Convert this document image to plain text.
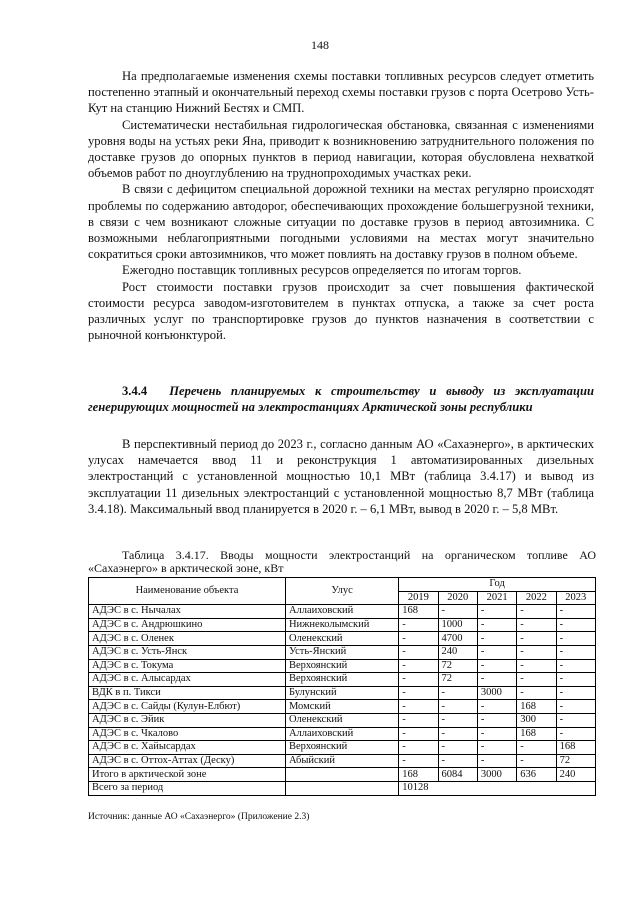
148

На предполагаемые изменения схемы поставки топливных ресурсов следует отметить постепенно этапный и окончательный переход схемы поставки грузов с порта Осетрово Усть-Кут на станцию Нижний Бестях и СМП.

Систематически нестабильная гидрологическая обстановка, связанная с изменениями уровня воды на устьях реки Яна, приводит к возникновению затруднительного положения по доставке грузов до опорных пунктов в период навигации, которая обусловлена нехваткой объемов работ по дноуглублению на труднопроходимых участках реки.

В связи с дефицитом специальной дорожной техники на местах регулярно происходят проблемы по содержанию автодорог, обеспечивающих прохождение большегрузной техники, в связи с чем возникают сложные ситуации по доставке грузов в период автозимника. С возможными неблагоприятными погодными условиями на местах могут значительно сократиться сроки автозимников, что может повлиять на доставку грузов в полном объеме.

Ежегодно поставщик топливных ресурсов определяется по итогам торгов.

Рост стоимости поставки грузов происходит за счет повышения фактической стоимости ресурса заводом-изготовителем в пунктах отпуска, а также за счет роста различных услуг по транспортировке грузов до пунктов назначения в соответствии с рыночной конъюнктурой.

3.4.4 Перечень планируемых к строительству и выводу из эксплуатации генерирующих мощностей на электростанциях Арктической зоны республики

В перспективный период до 2023 г., согласно данным АО «Сахаэнерго», в арктических улусах намечается ввод 11 и реконструкция 1 автоматизированных дизельных электростанций с установленной мощностью 10,1 МВт (таблица 3.4.17) и вывод из эксплуатации 11 дизельных электростанций с установленной мощностью 8,7 МВт (таблица 3.4.18). Максимальный ввод планируется в 2020 г. – 6,1 МВт, вывод в 2020 г. – 5,8 МВт.

Таблица 3.4.17. Вводы мощности электростанций на органическом топливе АО «Сахаэнерго» в арктической зоне, кВт
Наименование объекта	Улус	Год				
		2019	2020	2021	2022	2023
АДЭС в с. Нычалах	Аллаиховский	168	-	-	-	-
АДЭС в с. Андрюшкино	Нижнеколымский	-	1000	-	-	-
АДЭС в с. Оленек	Оленекский	-	4700	-	-	-
АДЭС в с. Усть-Янск	Усть-Янский	-	240	-	-	-
АДЭС в с. Токума	Верхоянский	-	72	-	-	-
АДЭС в с. Алысардах	Верхоянский	-	72	-	-	-
ВДК в п. Тикси	Булунский	-	-	3000	-	-
АДЭС в с. Сайды (Кулун-Елбют)	Момский	-	-	-	168	-
АДЭС в с. Эйик	Оленекский	-	-	-	300	-
АДЭС в с. Чкалово	Аллаиховский	-	-	-	168	-
АДЭС в с. Хайысардах	Верхоянский	-	-	-	-	168
АДЭС в с. Оттох-Аттах (Деску)	Абыйский	-	-	-	-	72
Итого в арктической зоне		168	6084	3000	636	240
Всего за период		10128				
Источник: данные АО «Сахаэнерго» (Приложение 2.3)
